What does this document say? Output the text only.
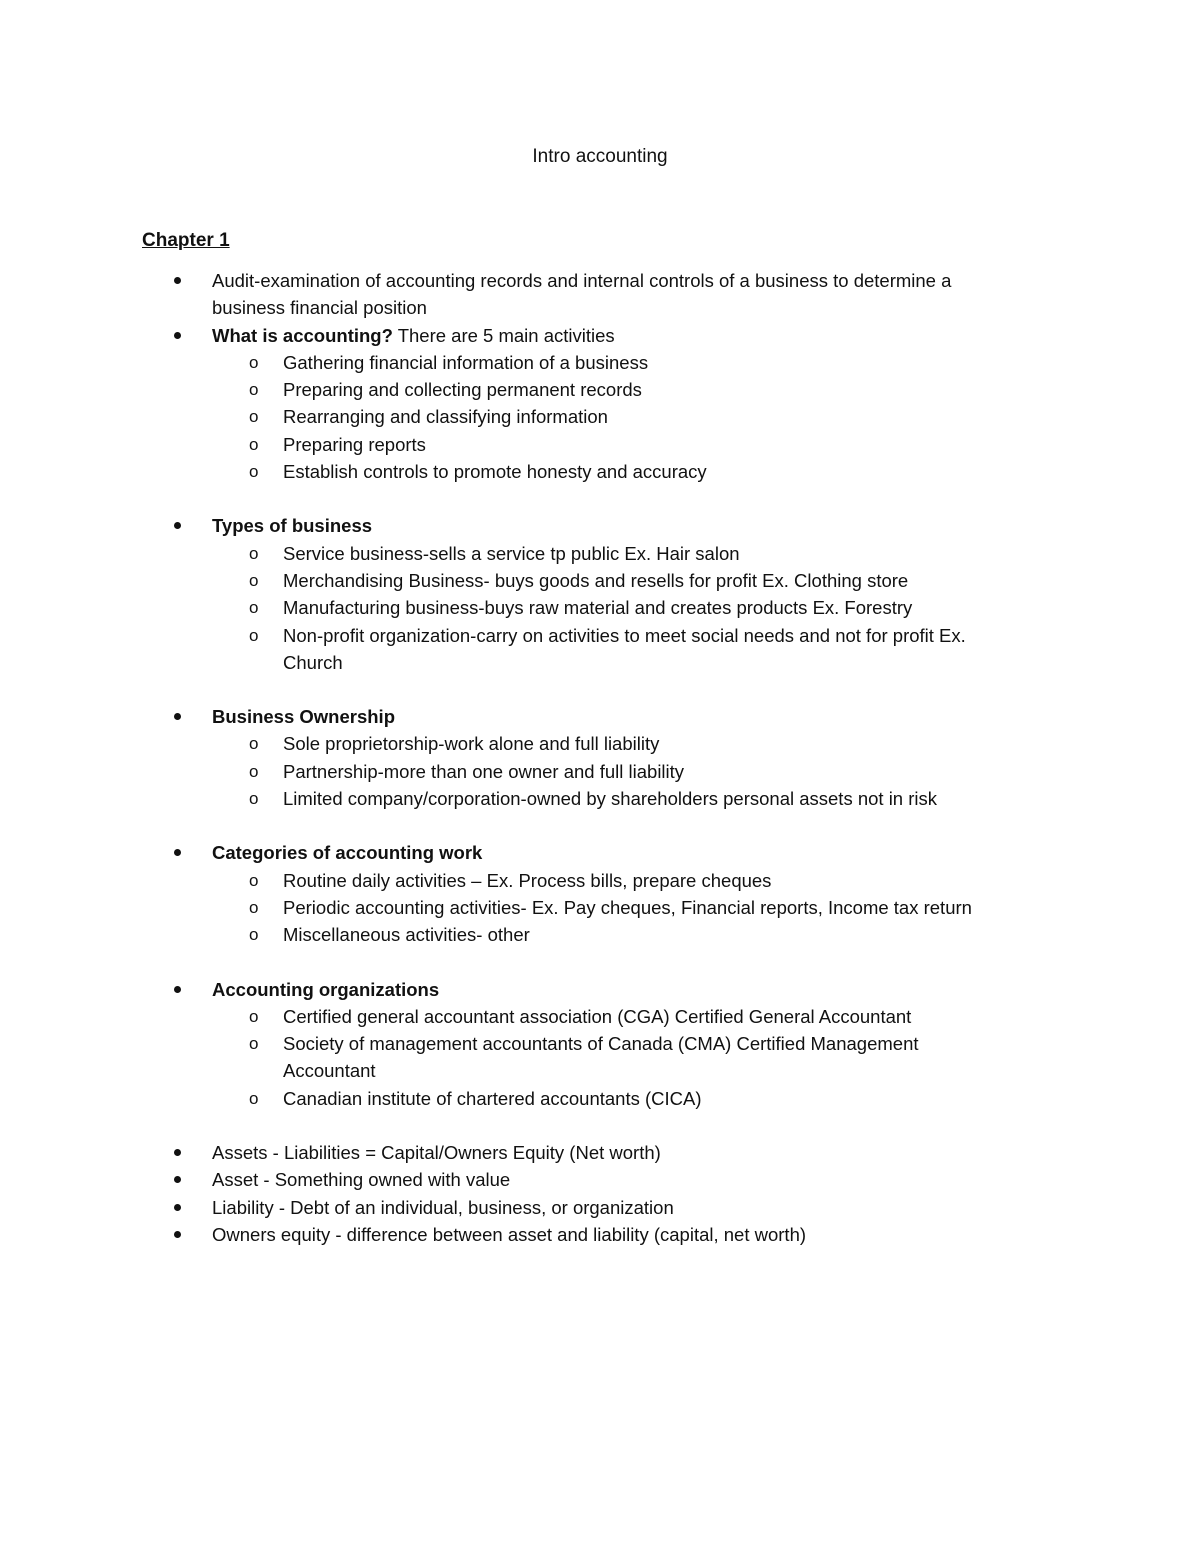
Intro accounting
Chapter 1
Audit-examination of accounting records and internal controls of a business to determine a
business financial position
What is accounting? There are 5 main activities
o Gathering financial information of a business
o Preparing and collecting permanent records
o Rearranging and classifying information
o Preparing reports
o Establish controls to promote honesty and accuracy
Types of business
o Service business-sells a service tp public Ex. Hair salon
o Merchandising Business- buys goods and resells for profit Ex. Clothing store
o Manufacturing business-buys raw material and creates products Ex. Forestry
o Non-profit organization-carry on activities to meet social needs and not for profit Ex.
Church
Business Ownership
o Sole proprietorship-work alone and full liability
o Partnership-more than one owner and full liability
o Limited company/corporation-owned by shareholders personal assets not in risk
Categories of accounting work
o Routine daily activities – Ex. Process bills, prepare cheques
o Periodic accounting activities- Ex. Pay cheques, Financial reports, Income tax return
o Miscellaneous activities- other
Accounting organizations
o Certified general accountant association (CGA) Certified General Accountant
o Society of management accountants of Canada (CMA) Certified Management
Accountant
o Canadian institute of chartered accountants (CICA)
Assets - Liabilities = Capital/Owners Equity (Net worth)
Asset - Something owned with value
Liability - Debt of an individual, business, or organization
Owners equity - difference between asset and liability (capital, net worth)
